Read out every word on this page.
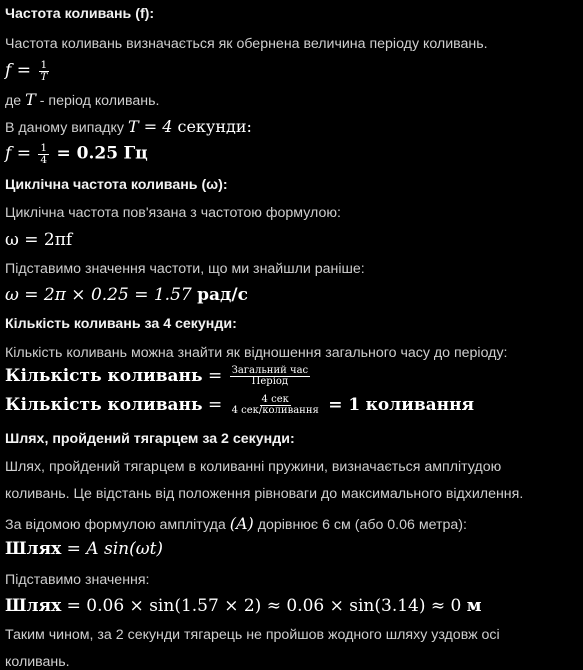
Частота коливань (f):
Частота коливань визначається як обернена величина періоду коливань.
$f = \frac{1}{T}$
де T - період коливань.
В даному випадку T = 4 секунди:
$f = \frac{1}{4} = 0.25$ Гц
Циклічна частота коливань (ω):
Циклічна частота пов'язана з частотою формулою:
ω = 2πf
Підставимо значення частоти, що ми знайшли раніше:
ω = 2π × 0.25 = 1.57 рад/с
Кількість коливань за 4 секунди:
Кількість коливань можна знайти як відношення загального часу до періоду:
Кількість коливань = $\frac{\text{Загальний час}}{\text{Період}}$
Кількість коливань = $\frac{\text{4 сек}}{\text{4 сек/коливання}} = 1$ коливання
Шлях, пройдений тягарцем за 2 секунди:
Шлях, пройдений тягарцем в коливанні пружини, визначається амплітудою
коливань. Це відстань від положення рівноваги до максимального відхилення.
За відомою формулою амплітуда (A) дорівнює 6 см (або 0.06 метра):
Шлях = A sin(ωt)
Підставимо значення:
Шлях = 0.06 × sin(1.57 × 2) ≈ 0.06 × sin(3.14) ≈ 0 м
Таким чином, за 2 секунди тягарець не пройшов жодного шляху уздовж осі
коливань.
